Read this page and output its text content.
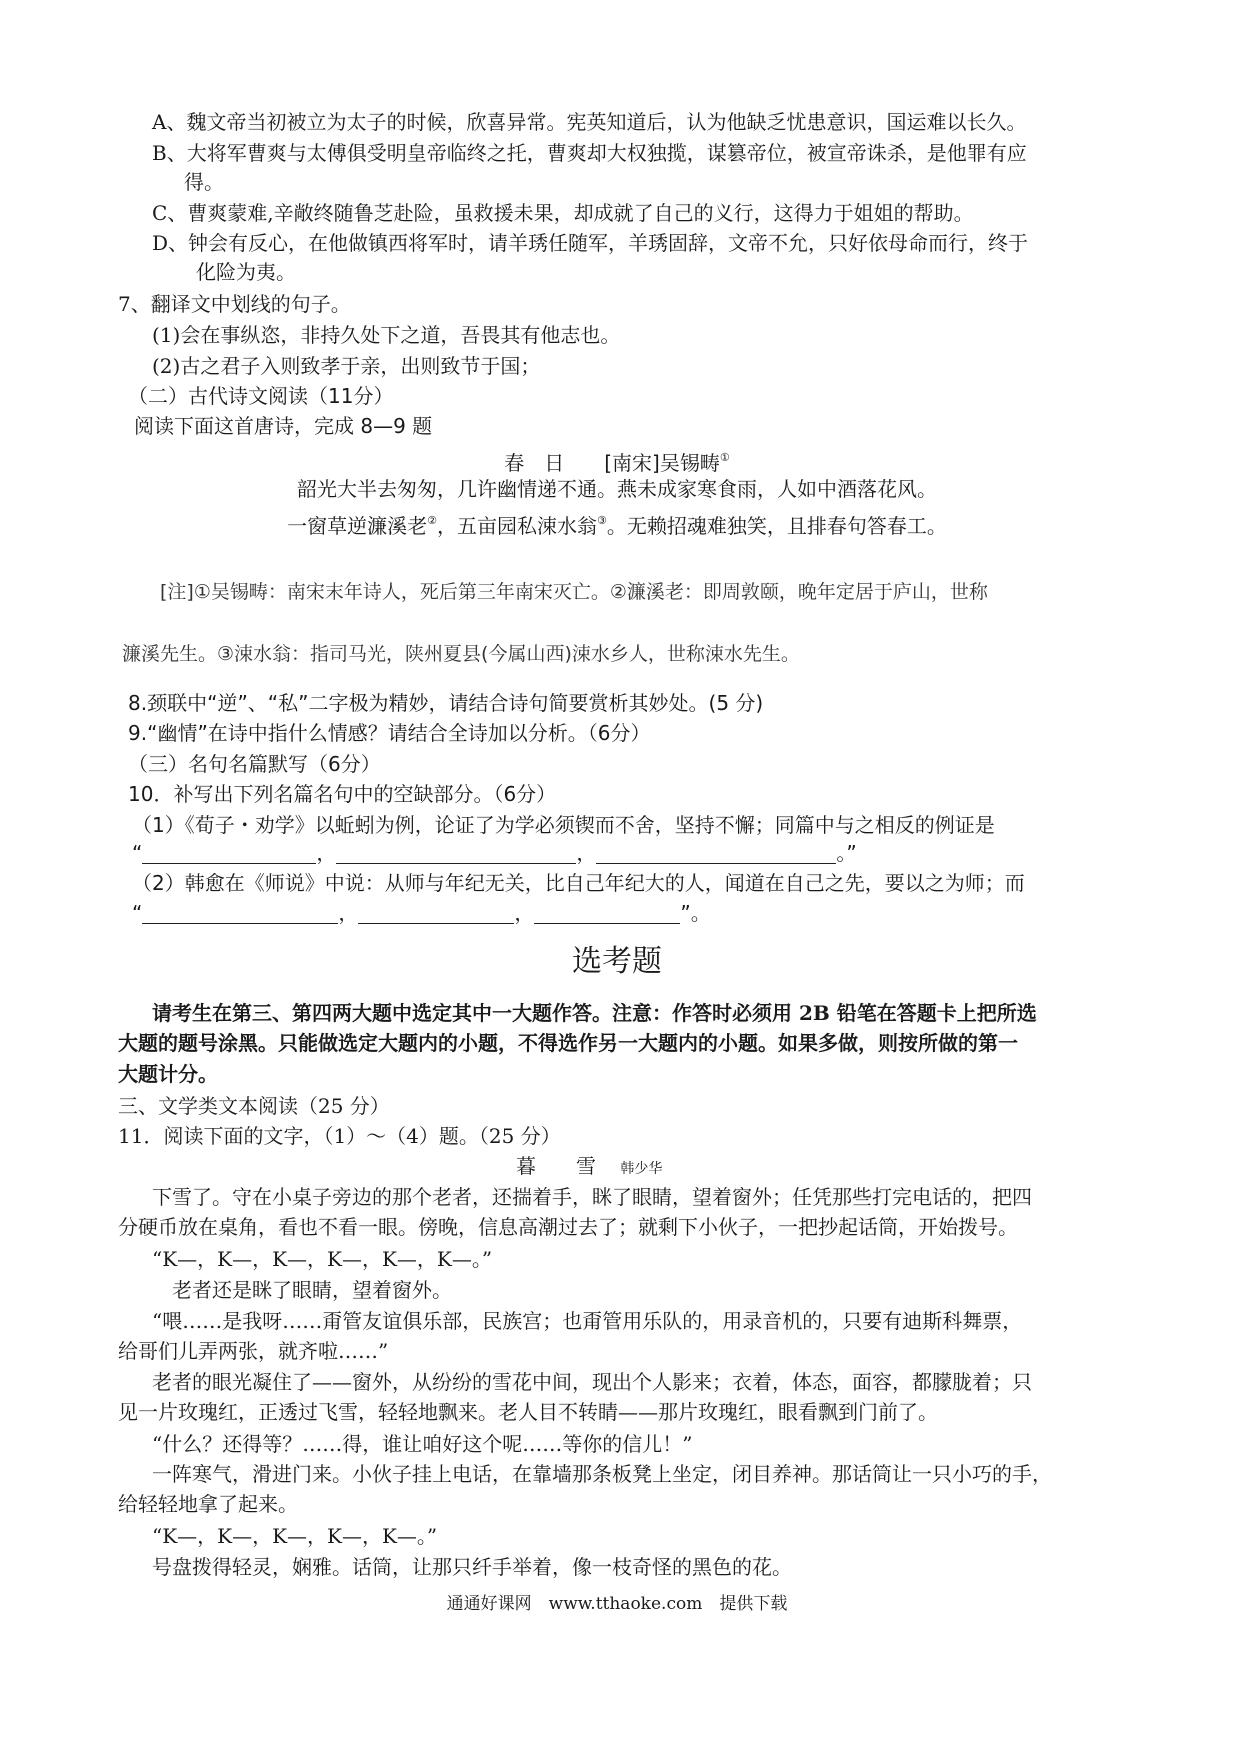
A、魏文帝当初被立为太子的时候，欣喜异常。宪英知道后，认为他缺乏忧患意识，国运难以长久。
B、大将军曹爽与太傅俱受明皇帝临终之托，曹爽却大权独揽，谋篡帝位，被宣帝诛杀，是他罪有应
得。
C、曹爽蒙难,辛敞终随鲁芝赴险，虽救援未果，却成就了自己的义行，这得力于姐姐的帮助。
D、钟会有反心，在他做镇西将军时，请羊琇任随军，羊琇固辞，文帝不允，只好依母命而行，终于
化险为夷。
7、翻译文中划线的句子。
(1)会在事纵恣，非持久处下之道，吾畏其有他志也。
(2)古之君子入则致孝于亲，出则致节于国；
（二）古代诗文阅读（11分）
阅读下面这首唐诗，完成 8—9 题
春　日　　[南宋]吴锡畴①
韶光大半去匆匆，几许幽情递不通。燕未成家寒食雨，人如中酒落花风。
一窗草逆濂溪老②，五亩园私涑水翁③。无赖招魂难独笑，且排春句答春工。
[注]①吴锡畴：南宋末年诗人，死后第三年南宋灭亡。②濂溪老：即周敦颐，晚年定居于庐山，世称
濂溪先生。③涑水翁：指司马光，陕州夏县(今属山西)涑水乡人，世称涑水先生。
8.颈联中“逆”、“私”二字极为精妙，请结合诗句简要赏析其妙处。(5 分)
9.“幽情”在诗中指什么情感？请结合全诗加以分析。（6分）
（三）名句名篇默写（6分）
10．补写出下列名篇名句中的空缺部分。（6分）
（1）《荀子・劝学》以蚯蚓为例，论证了为学必须锲而不舍，坚持不懈；同篇中与之相反的例证是
“	，	，	。”
（2）韩愈在《师说》中说：从师与年纪无关，比自己年纪大的人，闻道在自己之先，要以之为师；而
“	，	，	”。
选考题
请考生在第三、第四两大题中选定其中一大题作答。注意：作答时必须用 2B 铅笔在答题卡上把所选
大题的题号涂黑。只能做选定大题内的小题，不得选作另一大题内的小题。如果多做，则按所做的第一
大题计分。
三、文学类文本阅读（25 分）
11．阅读下面的文字，（1）～（4）题。（25 分）
暮　　雪 韩少华
下雪了。守在小桌子旁边的那个老者，还揣着手，眯了眼睛，望着窗外；任凭那些打完电话的，把四
分硬币放在桌角，看也不看一眼。傍晚，信息高潮过去了；就剩下小伙子，一把抄起话筒，开始拨号。
“K—，K—，K—，K—，K—，K—。”
老者还是眯了眼睛，望着窗外。
“喂……是我呀……甭管友谊俱乐部，民族宫；也甭管用乐队的，用录音机的，只要有迪斯科舞票，
给哥们儿弄两张，就齐啦……”
老者的眼光凝住了——窗外，从纷纷的雪花中间，现出个人影来；衣着，体态，面容，都朦胧着；只
见一片玫瑰红，正透过飞雪，轻轻地飘来。老人目不转睛——那片玫瑰红，眼看飘到门前了。
“什么？还得等？……得，谁让咱好这个呢……等你的信儿！”
一阵寒气，滑进门来。小伙子挂上电话，在靠墙那条板凳上坐定，闭目养神。那话筒让一只小巧的手，
给轻轻地拿了起来。
“K—，K—，K—，K—，K—。”
号盘拨得轻灵，娴雅。话筒，让那只纤手举着，像一枝奇怪的黑色的花。
通通好课网　www.tthaoke.com　提供下载
